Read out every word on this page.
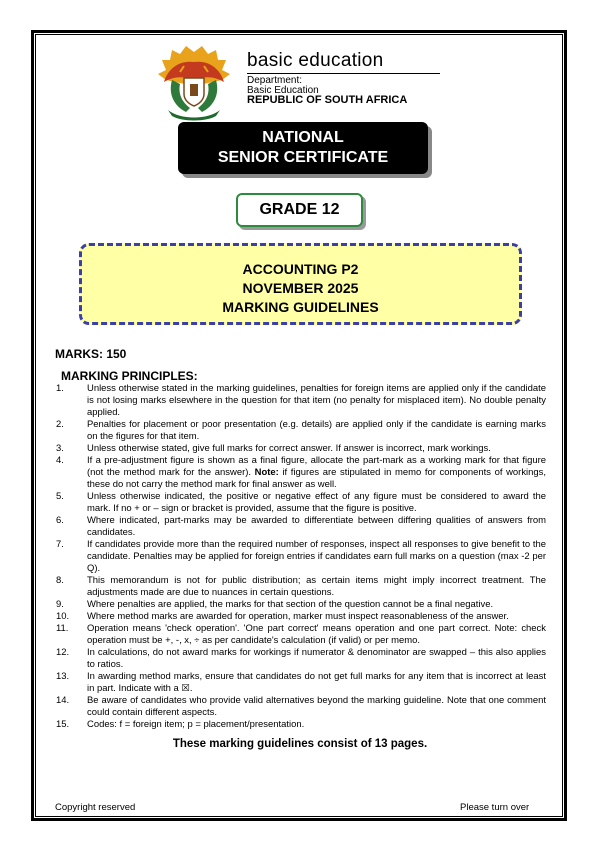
basic education
Department:
Basic Education
REPUBLIC OF SOUTH AFRICA
NATIONAL
SENIOR CERTIFICATE
GRADE 12
ACCOUNTING P2
NOVEMBER 2025
MARKING GUIDELINES
MARKS: 150
MARKING PRINCIPLES:
1. Unless otherwise stated in the marking guidelines, penalties for foreign items are applied only if the candidate is not losing marks elsewhere in the question for that item (no penalty for misplaced item). No double penalty applied.
2. Penalties for placement or poor presentation (e.g. details) are applied only if the candidate is earning marks on the figures for that item.
3. Unless otherwise stated, give full marks for correct answer. If answer is incorrect, mark workings.
4. If a pre-adjustment figure is shown as a final figure, allocate the part-mark as a working mark for that figure (not the method mark for the answer). Note: if figures are stipulated in memo for components of workings, these do not carry the method mark for final answer as well.
5. Unless otherwise indicated, the positive or negative effect of any figure must be considered to award the mark. If no + or – sign or bracket is provided, assume that the figure is positive.
6. Where indicated, part-marks may be awarded to differentiate between differing qualities of answers from candidates.
7. If candidates provide more than the required number of responses, inspect all responses to give benefit to the candidate. Penalties may be applied for foreign entries if candidates earn full marks on a question (max -2 per Q).
8. This memorandum is not for public distribution; as certain items might imply incorrect treatment. The adjustments made are due to nuances in certain questions.
9. Where penalties are applied, the marks for that section of the question cannot be a final negative.
10. Where method marks are awarded for operation, marker must inspect reasonableness of the answer.
11. Operation means 'check operation'. 'One part correct' means operation and one part correct. Note: check operation must be +, -, x, ÷ as per candidate's calculation (if valid) or per memo.
12. In calculations, do not award marks for workings if numerator & denominator are swapped – this also applies to ratios.
13. In awarding method marks, ensure that candidates do not get full marks for any item that is incorrect at least in part. Indicate with a ☒.
14. Be aware of candidates who provide valid alternatives beyond the marking guideline. Note that one comment could contain different aspects.
15. Codes: f = foreign item; p = placement/presentation.
These marking guidelines consist of 13 pages.
Copyright reserved	Please turn over
